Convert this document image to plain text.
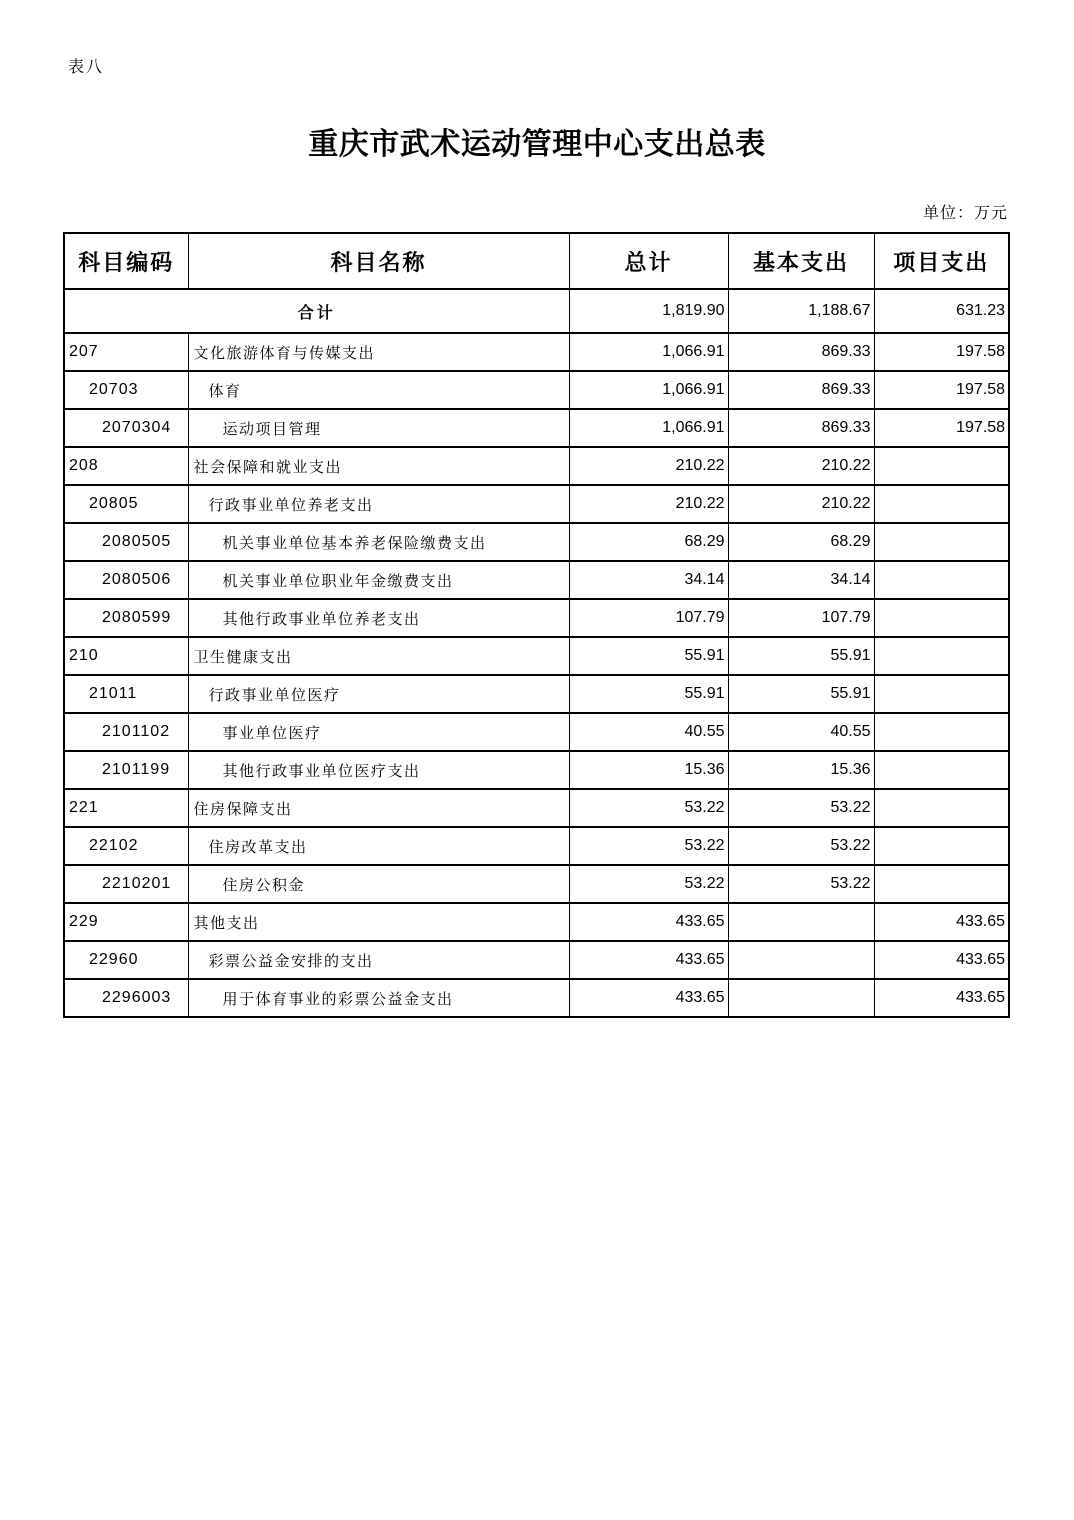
表八
重庆市武术运动管理中心支出总表
单位：万元
科目编码	科目名称	总计	基本支出	项目支出
合计		1,819.90	1,188.67	631.23
207	文化旅游体育与传媒支出	1,066.91	869.33	197.58
20703	体育	1,066.91	869.33	197.58
2070304	运动项目管理	1,066.91	869.33	197.58
208	社会保障和就业支出	210.22	210.22	
20805	行政事业单位养老支出	210.22	210.22	
2080505	机关事业单位基本养老保险缴费支出	68.29	68.29	
2080506	机关事业单位职业年金缴费支出	34.14	34.14	
2080599	其他行政事业单位养老支出	107.79	107.79	
210	卫生健康支出	55.91	55.91	
21011	行政事业单位医疗	55.91	55.91	
2101102	事业单位医疗	40.55	40.55	
2101199	其他行政事业单位医疗支出	15.36	15.36	
221	住房保障支出	53.22	53.22	
22102	住房改革支出	53.22	53.22	
2210201	住房公积金	53.22	53.22	
229	其他支出	433.65		433.65
22960	彩票公益金安排的支出	433.65		433.65
2296003	用于体育事业的彩票公益金支出	433.65		433.65
